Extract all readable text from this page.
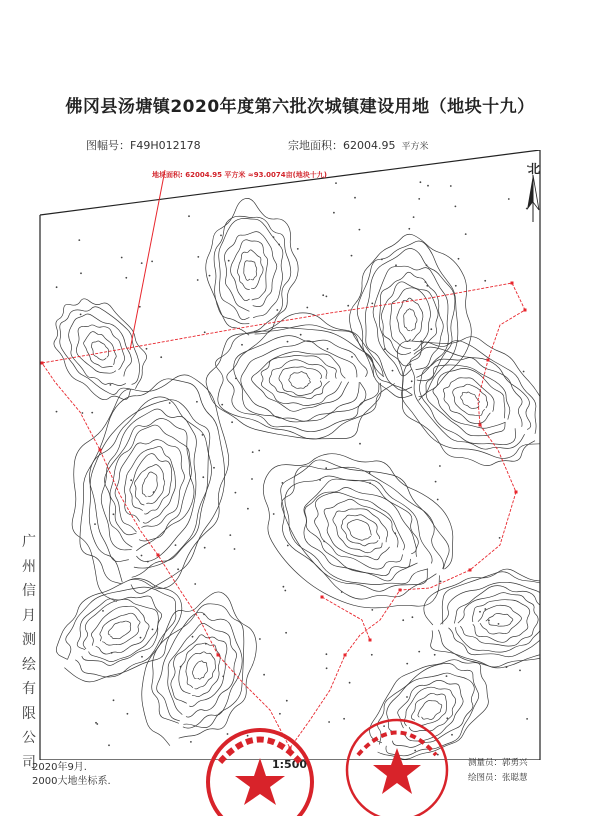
佛冈县汤塘镇2020年度第六批次城镇建设用地（地块十九）
图幅号：F49H012178	宗地面积：62004.95 平方米
地块面积: 62004.95 平方米 ≈93.0074亩(地块十九)	北
广
州
信
月
测
绘
有
限
公
司
2020年9月.
2000大地坐标系.
1:500	测量员：郭勇兴
绘图员：张聪慧
